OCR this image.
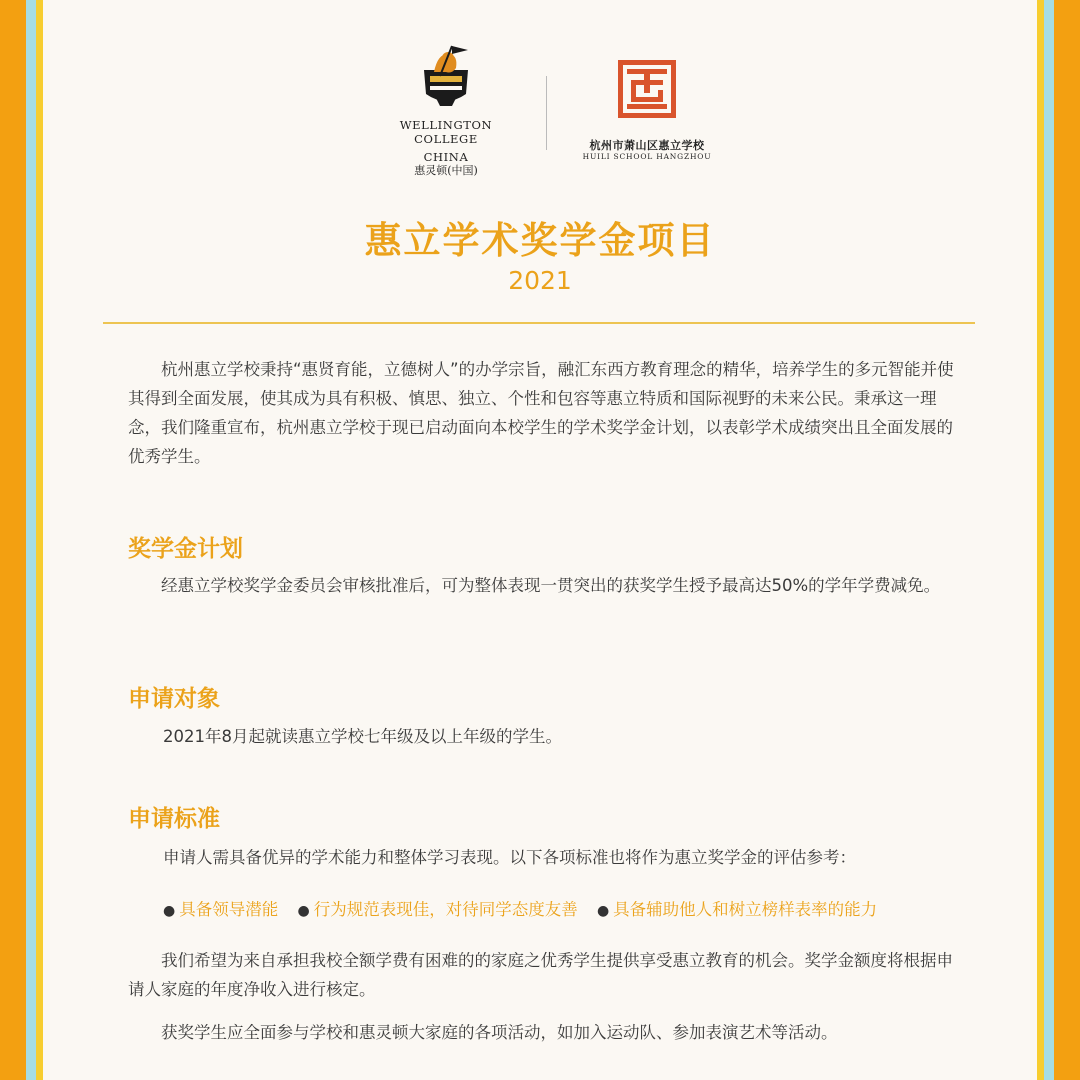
WELLINGTON COLLEGE
CHINA
惠灵顿(中国)
杭州市萧山区惠立学校
HUILI SCHOOL HANGZHOU
惠立学术奖学金项目
2021

杭州惠立学校秉持“惠贤育能，立德树人”的办学宗旨，融汇东西方教育理念的精华，培养学生的多元智能并使其得到全面发展，使其成为具有积极、慎思、独立、个性和包容等惠立特质和国际视野的未来公民。秉承这一理念，我们隆重宣布，杭州惠立学校于现已启动面向本校学生的学术奖学金计划，以表彰学术成绩突出且全面发展的优秀学生。

奖学金计划

经惠立学校奖学金委员会审核批准后，可为整体表现一贯突出的获奖学生授予最高达50%的学年学费减免。

申请对象

2021年8月起就读惠立学校七年级及以上年级的学生。

申请标准

申请人需具备优异的学术能力和整体学习表现。以下各项标准也将作为惠立奖学金的评估参考：

● 具备领导潜能 ● 行为规范表现佳，对待同学态度友善 ● 具备辅助他人和树立榜样表率的能力

我们希望为来自承担我校全额学费有困难的的家庭之优秀学生提供享受惠立教育的机会。奖学金额度将根据申请人家庭的年度净收入进行核定。

获奖学生应全面参与学校和惠灵顿大家庭的各项活动，如加入运动队、参加表演艺术等活动。
